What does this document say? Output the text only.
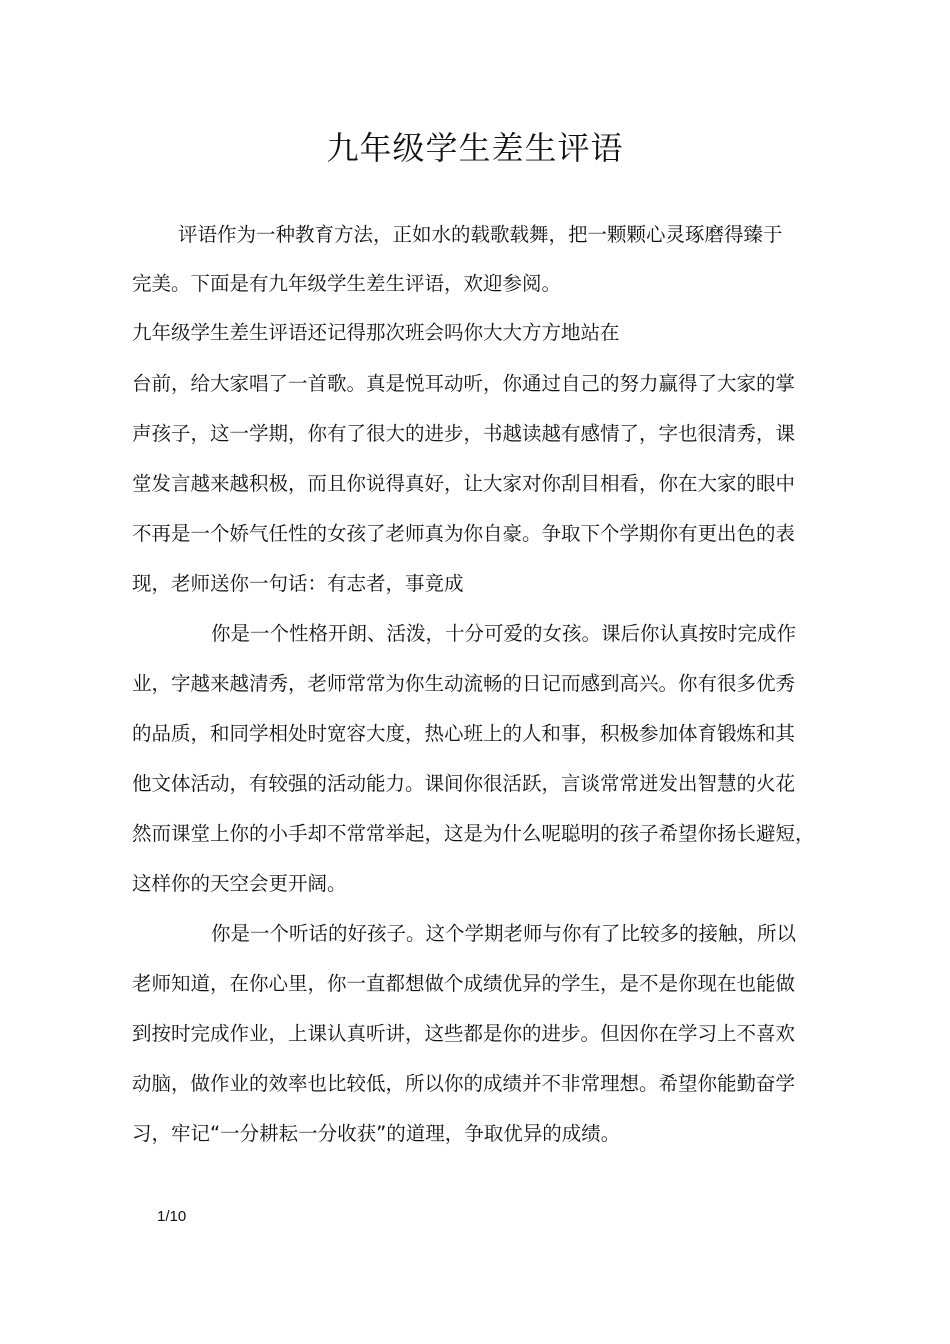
九年级学生差生评语
评语作为一种教育方法，正如水的载歌载舞，把一颗颗心灵琢磨得臻于
完美。下面是有九年级学生差生评语，欢迎参阅。
九年级学生差生评语还记得那次班会吗你大大方方地站在
台前，给大家唱了一首歌。真是悦耳动听，你通过自己的努力赢得了大家的掌
声孩子，这一学期，你有了很大的进步，书越读越有感情了，字也很清秀，课
堂发言越来越积极，而且你说得真好，让大家对你刮目相看，你在大家的眼中
不再是一个娇气任性的女孩了老师真为你自豪。争取下个学期你有更出色的表
现，老师送你一句话：有志者，事竟成
你是一个性格开朗、活泼，十分可爱的女孩。课后你认真按时完成作
业，字越来越清秀，老师常常为你生动流畅的日记而感到高兴。你有很多优秀
的品质，和同学相处时宽容大度，热心班上的人和事，积极参加体育锻炼和其
他文体活动，有较强的活动能力。课间你很活跃，言谈常常迸发出智慧的火花
然而课堂上你的小手却不常常举起，这是为什么呢聪明的孩子希望你扬长避短，
这样你的天空会更开阔。
你是一个听话的好孩子。这个学期老师与你有了比较多的接触，所以
老师知道，在你心里，你一直都想做个成绩优异的学生，是不是你现在也能做
到按时完成作业，上课认真听讲，这些都是你的进步。但因你在学习上不喜欢
动脑，做作业的效率也比较低，所以你的成绩并不非常理想。希望你能勤奋学
习，牢记“一分耕耘一分收获”的道理，争取优异的成绩。
1/10
